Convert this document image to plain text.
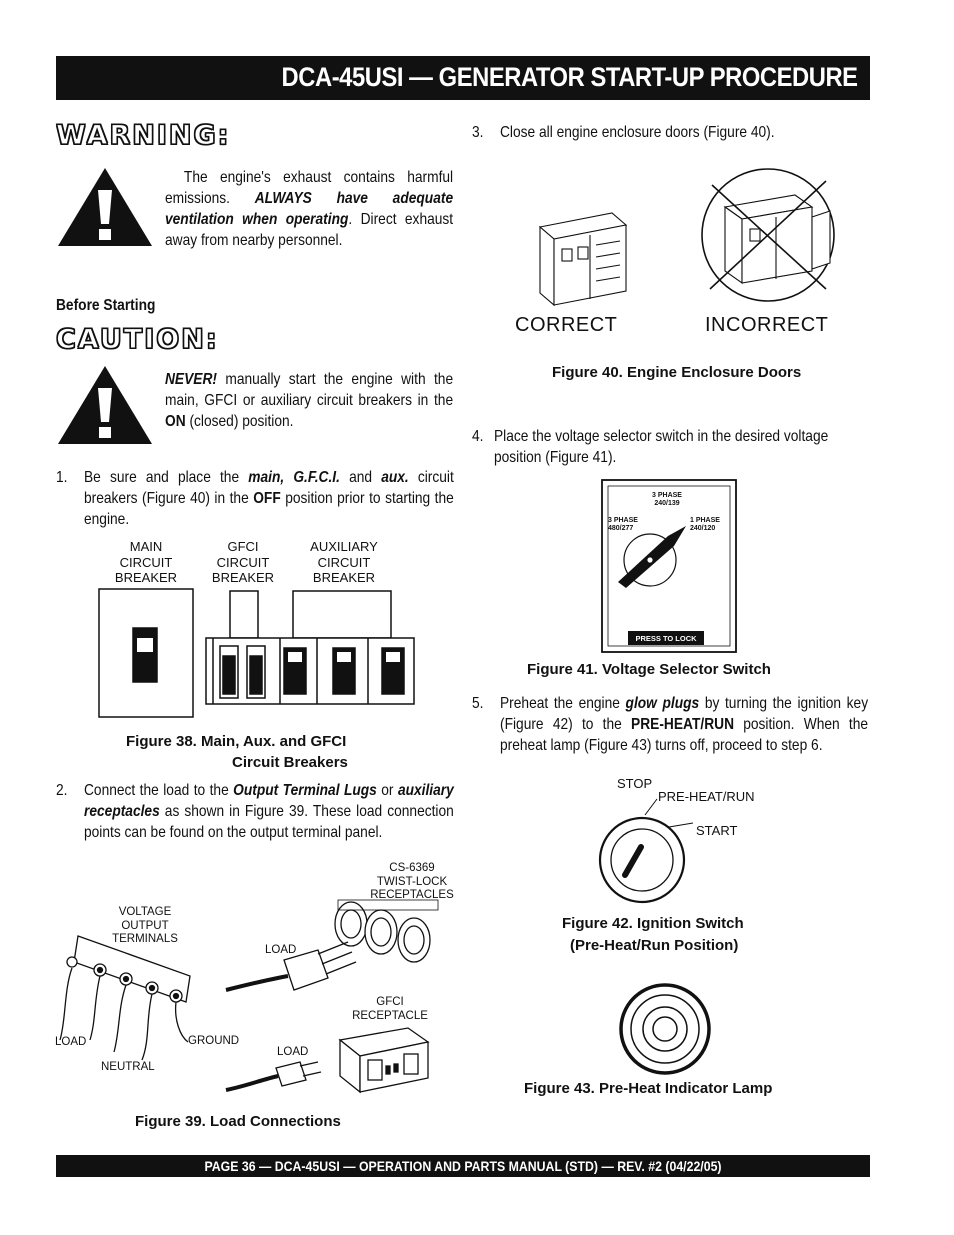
DCA-45USI — GENERATOR START-UP PROCEDURE
WARNING:
The engine's exhaust contains harmful emissions. ALWAYS have adequate ventilation when operating. Direct exhaust away from nearby personnel.
Before Starting
CAUTION:
NEVER! manually start the engine with the main, GFCI or auxiliary circuit breakers in the ON (closed) position.
1. Be sure and place the main, G.F.C.I. and aux. circuit breakers (Figure 40) in the OFF position prior to starting the engine.
MAIN
CIRCUIT
BREAKER
GFCI
CIRCUIT
BREAKER
AUXILIARY
CIRCUIT
BREAKER
Figure 38. Main, Aux. and GFCI
Circuit Breakers
2. Connect the load to the Output Terminal Lugs or auxiliary receptacles as shown in Figure 39. These load connection points can be found on the output terminal panel.
VOLTAGE
OUTPUT
TERMINALS
CS-6369
TWIST-LOCK
RECEPTACLES
LOAD
GFCI
RECEPTACLE
LOAD	GROUND
NEUTRAL
LOAD
Figure 39. Load Connections
3. Close all engine enclosure doors (Figure 40).
CORRECT	INCORRECT
Figure 40. Engine Enclosure Doors
4. Place the voltage selector switch in the desired voltage position (Figure 41).
3 PHASE
240/139
3 PHASE
480/277
1 PHASE
240/120
PRESS TO LOCK
Figure 41. Voltage Selector Switch
5. Preheat the engine glow plugs by turning the ignition key (Figure 42) to the PRE-HEAT/RUN position. When the preheat lamp (Figure 43) turns off, proceed to step 6.
STOP
PRE-HEAT/RUN
START
Figure 42. Ignition Switch
(Pre-Heat/Run Position)
Figure 43. Pre-Heat Indicator Lamp
PAGE 36 — DCA-45USI — OPERATION AND PARTS MANUAL (STD) — REV. #2 (04/22/05)
